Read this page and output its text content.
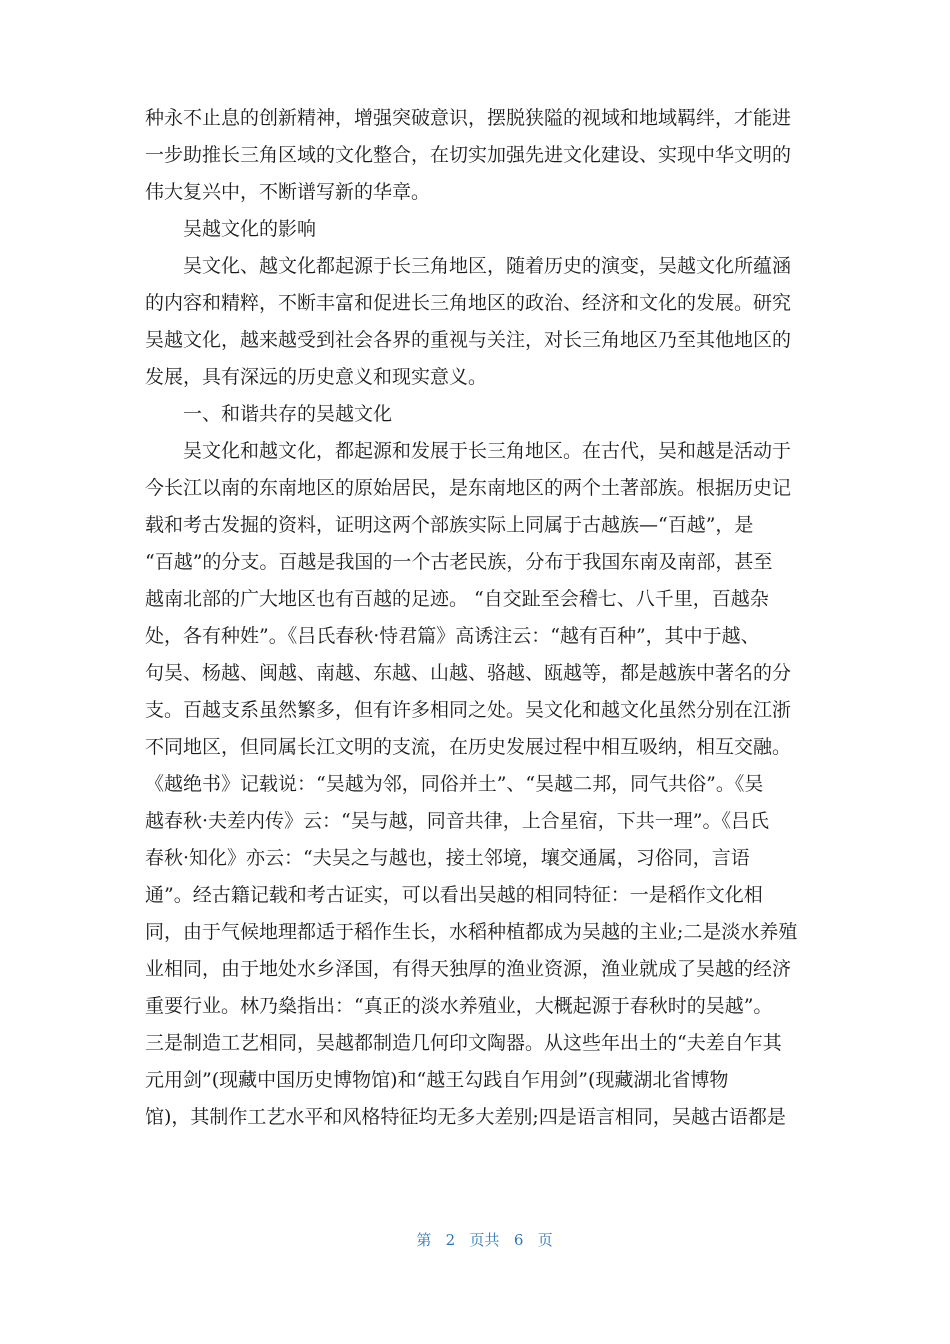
种永不止息的创新精神，增强突破意识，摆脱狭隘的视域和地域羁绊，才能进
一步助推长三角区域的文化整合，在切实加强先进文化建设、实现中华文明的
伟大复兴中，不断谱写新的华章。
吴越文化的影响
吴文化、越文化都起源于长三角地区，随着历史的演变，吴越文化所蕴涵
的内容和精粹，不断丰富和促进长三角地区的政治、经济和文化的发展。研究
吴越文化，越来越受到社会各界的重视与关注，对长三角地区乃至其他地区的
发展，具有深远的历史意义和现实意义。
一、和谐共存的吴越文化
吴文化和越文化，都起源和发展于长三角地区。在古代，吴和越是活动于
今长江以南的东南地区的原始居民，是东南地区的两个土著部族。根据历史记
载和考古发掘的资料，证明这两个部族实际上同属于古越族—“百越”，是
“百越”的分支。百越是我国的一个古老民族，分布于我国东南及南部，甚至
越南北部的广大地区也有百越的足迹。 “自交趾至会稽七、八千里，百越杂
处，各有种姓”。《吕氏春秋·恃君篇》高诱注云：“越有百种”，其中于越、
句吴、杨越、闽越、南越、东越、山越、骆越、瓯越等，都是越族中著名的分
支。百越支系虽然繁多，但有许多相同之处。吴文化和越文化虽然分别在江浙
不同地区，但同属长江文明的支流，在历史发展过程中相互吸纳，相互交融。
《越绝书》记载说：“吴越为邻，同俗并土”、“吴越二邦，同气共俗”。《吴
越春秋·夫差内传》云：“吴与越，同音共律，上合星宿，下共一理”。《吕氏
春秋·知化》亦云：“夫吴之与越也，接土邻境，壤交通属，习俗同，言语
通”。经古籍记载和考古证实，可以看出吴越的相同特征：一是稻作文化相
同，由于气候地理都适于稻作生长，水稻种植都成为吴越的主业;二是淡水养殖
业相同，由于地处水乡泽国，有得天独厚的渔业资源，渔业就成了吴越的经济
重要行业。林乃燊指出：“真正的淡水养殖业，大概起源于春秋时的吴越”。
三是制造工艺相同，吴越都制造几何印文陶器。从这些年出土的“夫差自乍其
元用剑”(现藏中国历史博物馆)和“越王勾践自乍用剑”(现藏湖北省博物
馆)，其制作工艺水平和风格特征均无多大差别;四是语言相同，吴越古语都是

第 2 页共 6 页
